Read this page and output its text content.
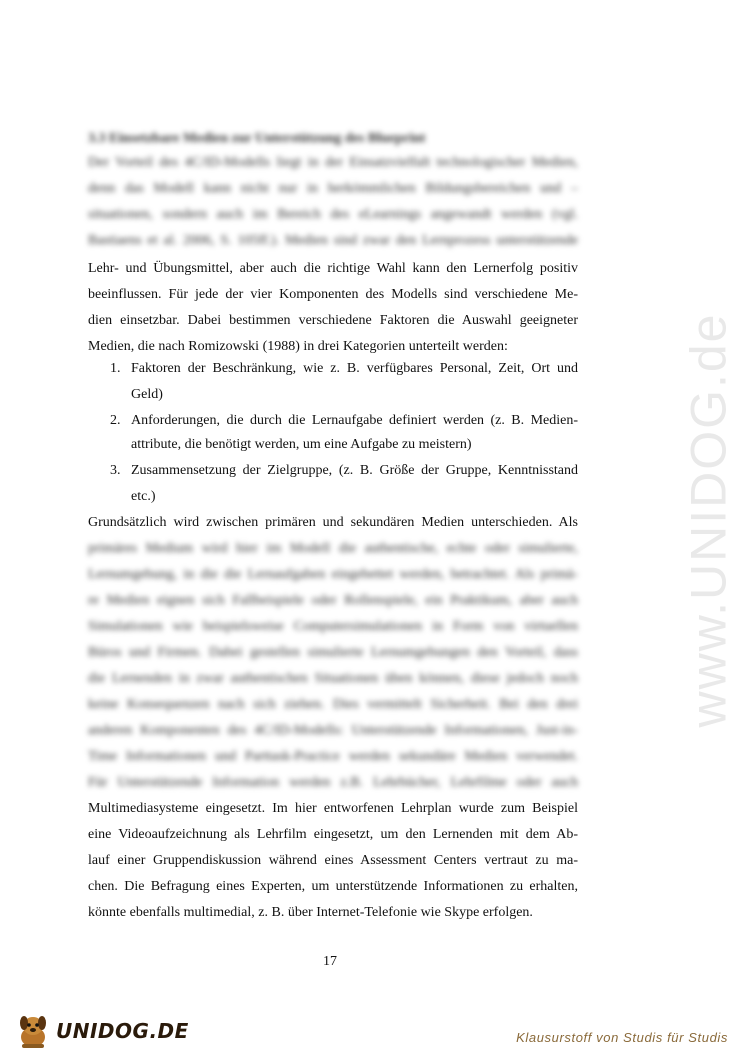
www.UNIDOG.de
3.3 Einsetzbare Medien zur Unterstützung des Blueprint
Der Vorteil des 4C/ID-Modells liegt in der Einsatzvielfalt technologischer Medien,
denn das Modell kann nicht nur in herkömmlichen Bildungsbereichen und –
situationen, sondern auch im Bereich des eLearnings angewandt werden (vgl.
Bastiaens et al. 2006, S. 105ff.). Medien sind zwar den Lernprozess unterstützende
Lehr- und Übungsmittel, aber auch die richtige Wahl kann den Lernerfolg positiv
beeinflussen. Für jede der vier Komponenten des Modells sind verschiedene Me-
dien einsetzbar. Dabei bestimmen verschiedene Faktoren die Auswahl geeigneter
Medien, die nach Romizowski (1988) in drei Kategorien unterteilt werden:
1. Faktoren der Beschränkung, wie z. B. verfügbares Personal, Zeit, Ort und
Geld)
2. Anforderungen, die durch die Lernaufgabe definiert werden (z. B. Medien-
attribute, die benötigt werden, um eine Aufgabe zu meistern)
3. Zusammensetzung der Zielgruppe, (z. B. Größe der Gruppe, Kenntnisstand
etc.)
Grundsätzlich wird zwischen primären und sekundären Medien unterschieden. Als
primäres Medium wird hier im Modell die authentische, echte oder simulierte,
Lernumgebung, in die die Lernaufgaben eingebettet werden, betrachtet. Als primä-
re Medien eignen sich Fallbeispiele oder Rollenspiele, ein Praktikum, aber auch
Simulationen wie beispielsweise Computersimulationen in Form von virtuellen
Büros und Firmen. Dabei gestellen simulierte Lernumgebungen den Vorteil, dass
die Lernenden in zwar authentischen Situationen üben können, diese jedoch noch
keine Konsequenzen nach sich ziehen. Dies vermittelt Sicherheit. Bei den drei
anderen Komponenten des 4C/ID-Modells: Unterstützende Informationen, Just-in-
Time Informationen und Parttask-Practice werden sekundäre Medien verwendet.
Für Unterstützende Information werden z.B. Lehrbücher, Lehrfilme oder auch
Multimediasysteme eingesetzt. Im hier entworfenen Lehrplan wurde zum Beispiel
eine Videoaufzeichnung als Lehrfilm eingesetzt, um den Lernenden mit dem Ab-
lauf einer Gruppendiskussion während eines Assessment Centers vertraut zu ma-
chen. Die Befragung eines Experten, um unterstützende Informationen zu erhalten,
könnte ebenfalls multimedial, z. B. über Internet-Telefonie wie Skype erfolgen.
17
UNIDOG.DE	Klausurstoff von Studis für Studis
